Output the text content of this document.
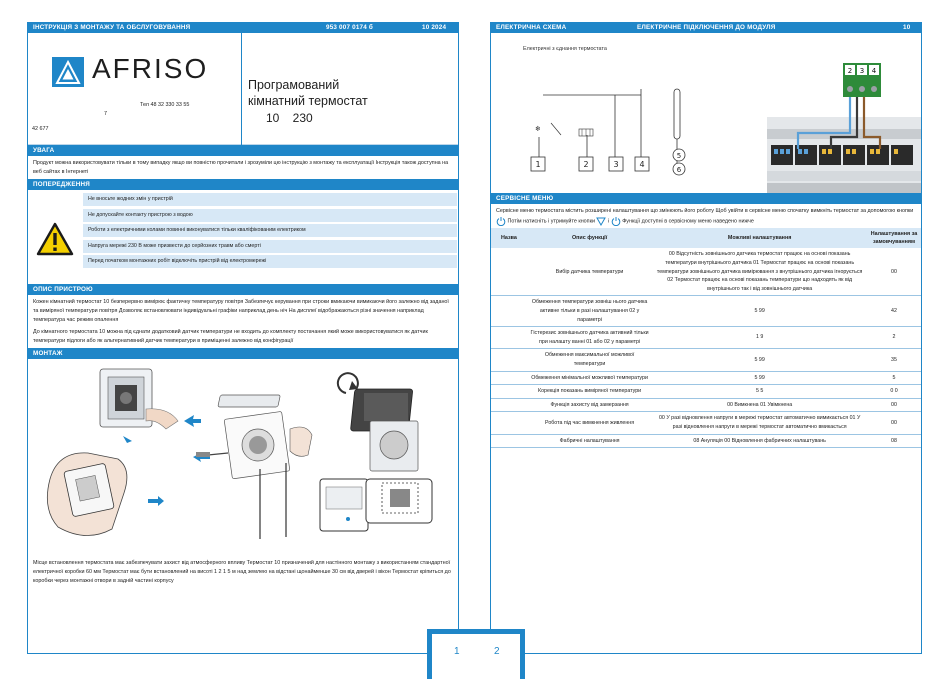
ІНСТРУКЦІЯ З МОНТАЖУ ТА ОБСЛУГОВУВАННЯ	953 007 0174 б	10 2024
AFRISO
Тел 48 32 330 33 55
7
42 677
Програмований
кімнатний термостат
10 230
УВАГА
Продукт можна використовувати тільки в тому випадку якщо ви повністю прочитали і зрозуміли цю інструкцію з монтажу та експлуатації Інструкція також доступна на веб сайтах в Інтернеті
ПОПЕРЕДЖЕННЯ
Не вносьте жодних змін у пристрій
Не допускайте контакту пристрою з водою
Роботи з електричними колами повинні виконуватися тільки кваліфікованим електриком
Напруга мережі 230 В може призвести до серйозних травм або смерті
Перед початком монтажних робіт відключіть пристрій від електромережі
ОПИС ПРИСТРОЮ
Кожен кімнатний термостат 10 безперервно вимірює фактичну температуру повітря Забезпечує керування при строки вмикаючи вимикаючи його залежно від заданої та виміряної температури повітря Дозволяє встановлювати індивідуальні графіки наприклад день ніч На дисплеї відображаються різні значення наприклад температура час режим опалення
До кімнатного термостата 10 можна під єднати додатковий датчик температури не входить до комплекту постачання який може використовуватися як датчик температури підлоги або як альтернативний датчик температури в приміщенні залежно від конфігурації
МОНТАЖ
Місце встановлення термостата має забезпечувати захист від атмосферного впливу Термостат 10 призначений для настінного монтажу з використанням стандартної електричної коробки 60 мм Термостат має бути встановлений на висоті 1 2 1 5 м над землею на відстані щонайменше 30 см від дверей і вікон Термостат кріпиться до коробки через монтажні отвори в задній частині корпусу
ЕЛЕКТРИЧНА СХЕМА	ЕЛЕКТРИЧНЕ ПІДКЛЮЧЕННЯ ДО МОДУЛЯ	10
Електричні з єднання термостата
❄
1	2	3	4
5
6
2 3 4
СЕРВІСНЕ МЕНЮ
Сервісне меню термостата містить розширені налаштування що змінюють його роботу Щоб увійти в сервісне меню спочатку вимкніть термостат за допомогою кнопки  Потім натисніть і утримуйте кнопки і Функції доступні в сервісному меню наведено нижче
Назва	Опис функції	Можливі налаштування	Налаштування за замовчуванням
	Вибір датчика температури	00 Відсутність зовнішнього датчика термостат працює на основі показань температури внутрішнього датчика 01 Термостат працює на основі показань температури зовнішнього датчика вимірювання з внутрішнього датчика ігнорується 02 Термостат працює на основі показань температури що надходять як від внутрішнього так і від зовнішнього датчика	00
	Обмеження температури зовніш нього датчика активне тільки в разі налаштування 02 у параметрі	5 99	42
	Гістерезис зовнішнього датчика активний тільки при налашту ванні 01 або 02 у параметрі	1 9	2
	Обмеження максимальної можливої температури	5 99	35
	Обмеження мінімальної можливої температури	5 99	5
	Корекція показань виміряної температури	5 5	0 0
	Функція захисту від замерзання	00 Вимкнена 01 Увімкнена	00
	Робота під час вимкнення живлення	00 У разі відновлення напруги в мережі термостат автоматично вимикається 01 У разі відновлення напруги в мережі термостат автоматично вмикається	00
	Фабричні налаштування	08 Ануляція 00 Відновлення фабричних налаштувань	08
1	2
